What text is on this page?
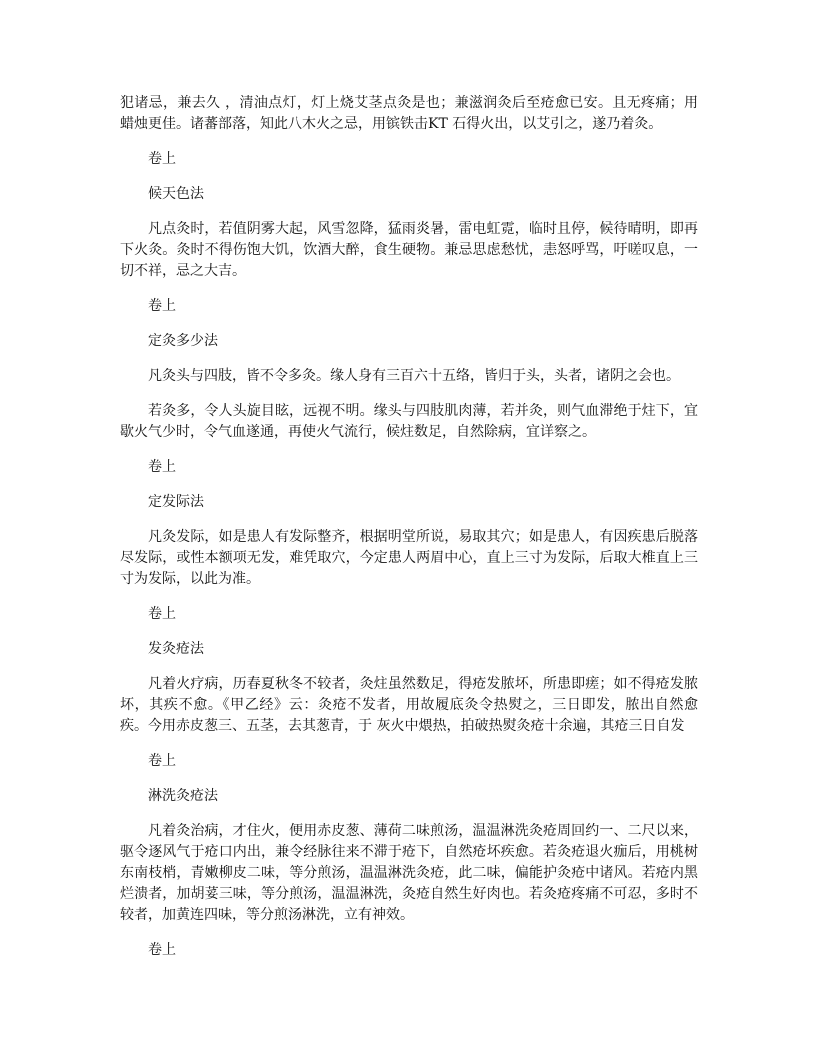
犯诸忌，兼去久 ，清油点灯，灯上烧艾茎点灸是也；兼滋润灸后至疮愈已安。且无疼痛；用蜡烛更佳。诸蕃部落，知此八木火之忌，用镔铁击KT 石得火出，以艾引之，遂乃着灸。

卷上

候天色法

凡点灸时，若值阴雾大起，风雪忽降，猛雨炎暑，雷电虹霓，临时且停，候待晴明，即再下火灸。灸时不得伤饱大饥，饮酒大醉，食生硬物。兼忌思虑愁忧，恚怒呼骂，吁嗟叹息，一切不祥，忌之大吉。

卷上

定灸多少法

凡灸头与四肢，皆不令多灸。缘人身有三百六十五络，皆归于头，头者，诸阴之会也。

若灸多，令人头旋目眩，远视不明。缘头与四肢肌肉薄，若并灸，则气血滞绝于炷下，宜歇火气少时，令气血遂通，再使火气流行，候炷数足，自然除病，宜详察之。

卷上

定发际法

凡灸发际，如是患人有发际整齐，根据明堂所说，易取其穴；如是患人，有因疾患后脱落尽发际，或性本额项无发，难凭取穴，今定患人两眉中心，直上三寸为发际，后取大椎直上三寸为发际，以此为准。

卷上

发灸疮法

凡着火疗病，历春夏秋冬不较者，灸炷虽然数足，得疮发脓坏，所患即瘥；如不得疮发脓坏，其疾不愈。《甲乙经》云：灸疮不发者，用故履底灸令热熨之，三日即发，脓出自然愈疾。今用赤皮葱三、五茎，去其葱青，于 灰火中煨热，拍破热熨灸疮十余遍，其疮三日自发

卷上

淋洗灸疮法

凡着灸治病，才住火，便用赤皮葱、薄荷二味煎汤，温温淋洗灸疮周回约一、二尺以来，驱令逐风气于疮口内出，兼令经脉往来不滞于疮下，自然疮坏疾愈。若灸疮退火痂后，用桃树东南枝梢，青嫩柳皮二味，等分煎汤，温温淋洗灸疮，此二味，偏能护灸疮中诸风。若疮内黑烂溃者，加胡荽三味，等分煎汤，温温淋洗，灸疮自然生好肉也。若灸疮疼痛不可忍，多时不较者，加黄连四味，等分煎汤淋洗，立有神效。

卷上
